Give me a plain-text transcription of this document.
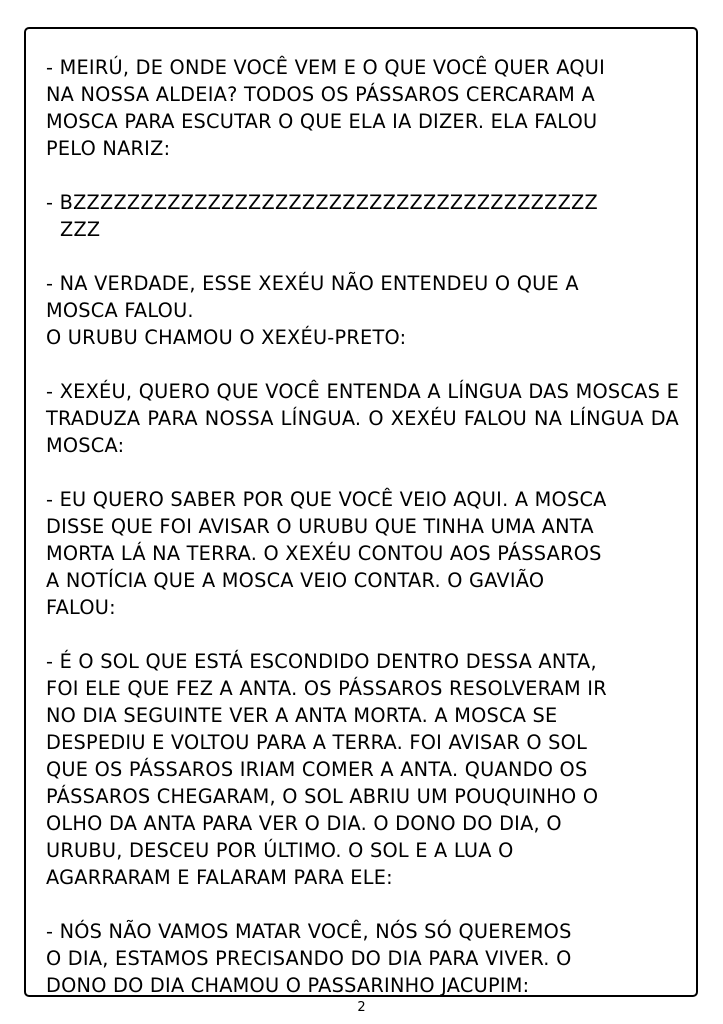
- MEIRÚ, DE ONDE VOCÊ VEM E O QUE VOCÊ QUER AQUI
NA NOSSA ALDEIA? TODOS OS PÁSSAROS CERCARAM A
MOSCA PARA ESCUTAR O QUE ELA IA DIZER. ELA FALOU
PELO NARIZ:

- BZZZZZZZZZZZZZZZZZZZZZZZZZZZZZZZZZZZZZZZ
ZZZ

- NA VERDADE, ESSE XEXÉU NÃO ENTENDEU O QUE A
MOSCA FALOU.
O URUBU CHAMOU O XEXÉU-PRETO:

- XEXÉU, QUERO QUE VOCÊ ENTENDA A LÍNGUA DAS MOSCAS E TRADUZA PARA NOSSA LÍNGUA. O XEXÉU FALOU NA LÍNGUA DA MOSCA:

- EU QUERO SABER POR QUE VOCÊ VEIO AQUI. A MOSCA
DISSE QUE FOI AVISAR O URUBU QUE TINHA UMA ANTA
MORTA LÁ NA TERRA. O XEXÉU CONTOU AOS PÁSSAROS
A NOTÍCIA QUE A MOSCA VEIO CONTAR. O GAVIÃO
FALOU:

- É O SOL QUE ESTÁ ESCONDIDO DENTRO DESSA ANTA,
FOI ELE QUE FEZ A ANTA. OS PÁSSAROS RESOLVERAM IR
NO DIA SEGUINTE VER A ANTA MORTA. A MOSCA SE
DESPEDIU E VOLTOU PARA A TERRA. FOI AVISAR O SOL
QUE OS PÁSSAROS IRIAM COMER A ANTA. QUANDO OS
PÁSSAROS CHEGARAM, O SOL ABRIU UM POUQUINHO O
OLHO DA ANTA PARA VER O DIA. O DONO DO DIA, O
URUBU, DESCEU POR ÚLTIMO. O SOL E A LUA O
AGARRARAM E FALARAM PARA ELE:

- NÓS NÃO VAMOS MATAR VOCÊ, NÓS SÓ QUEREMOS
O DIA, ESTAMOS PRECISANDO DO DIA PARA VIVER. O
DONO DO DIA CHAMOU O PASSARINHO JACUPIM:

2
